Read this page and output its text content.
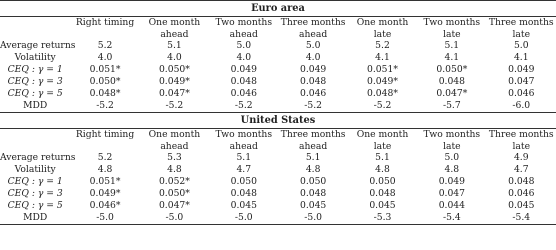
Euro area							

	Right timing	One month	Two months	Three months	One month	Two months	Three months
		ahead	ahead	ahead	late	late	late
Average returns	5.2	5.1	5.0	5.0	5.2	5.1	5.0
Volatility	4.0	4.0	4.0	4.0	4.1	4.1	4.1
CEQ : γ = 1	0.051*	0.050*	0.049	0.049	0.051*	0.050*	0.049
CEQ : γ = 3	0.050*	0.049*	0.048	0.048	0.049*	0.048	0.047
CEQ : γ = 5	0.048*	0.047*	0.046	0.046	0.048*	0.047*	0.046
MDD	-5.2	-5.2	-5.2	-5.2	-5.2	-5.7	-6.0

United States							

	Right timing	One month	Two months	Three months	One month	Two months	Three months
		ahead	ahead	ahead	late	late	late
Average returns	5.2	5.3	5.1	5.1	5.1	5.0	4.9
Volatility	4.8	4.8	4.7	4.8	4.8	4.8	4.7
CEQ : γ = 1	0.051*	0.052*	0.050	0.050	0.050	0.049	0.048
CEQ : γ = 3	0.049*	0.050*	0.048	0.048	0.048	0.047	0.046
CEQ : γ = 5	0.046*	0.047*	0.045	0.045	0.045	0.044	0.045
MDD	-5.0	-5.0	-5.0	-5.0	-5.3	-5.4	-5.4
